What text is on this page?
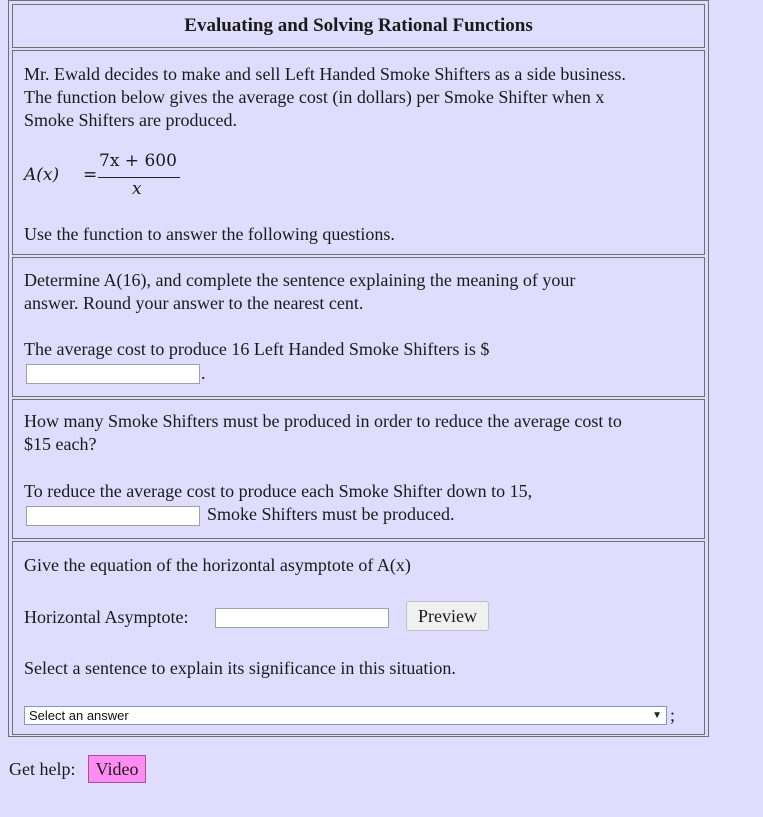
Evaluating and Solving Rational Functions
Mr. Ewald decides to make and sell Left Handed Smoke Shifters as a side business.
The function below gives the average cost (in dollars) per Smoke Shifter when x
Smoke Shifters are produced.
A(x) =
7x + 600
x
Use the function to answer the following questions.
Determine A(16), and complete the sentence explaining the meaning of your
answer. Round your answer to the nearest cent.
The average cost to produce 16 Left Handed Smoke Shifters is $
.
How many Smoke Shifters must be produced in order to reduce the average cost to
$15 each?
To reduce the average cost to produce each Smoke Shifter down to 15,
Smoke Shifters must be produced.
Give the equation of the horizontal asymptote of A(x)
Horizontal Asymptote:	Preview
Select a sentence to explain its significance in this situation.
Select an answer	▼ ;
Get help:	Video
